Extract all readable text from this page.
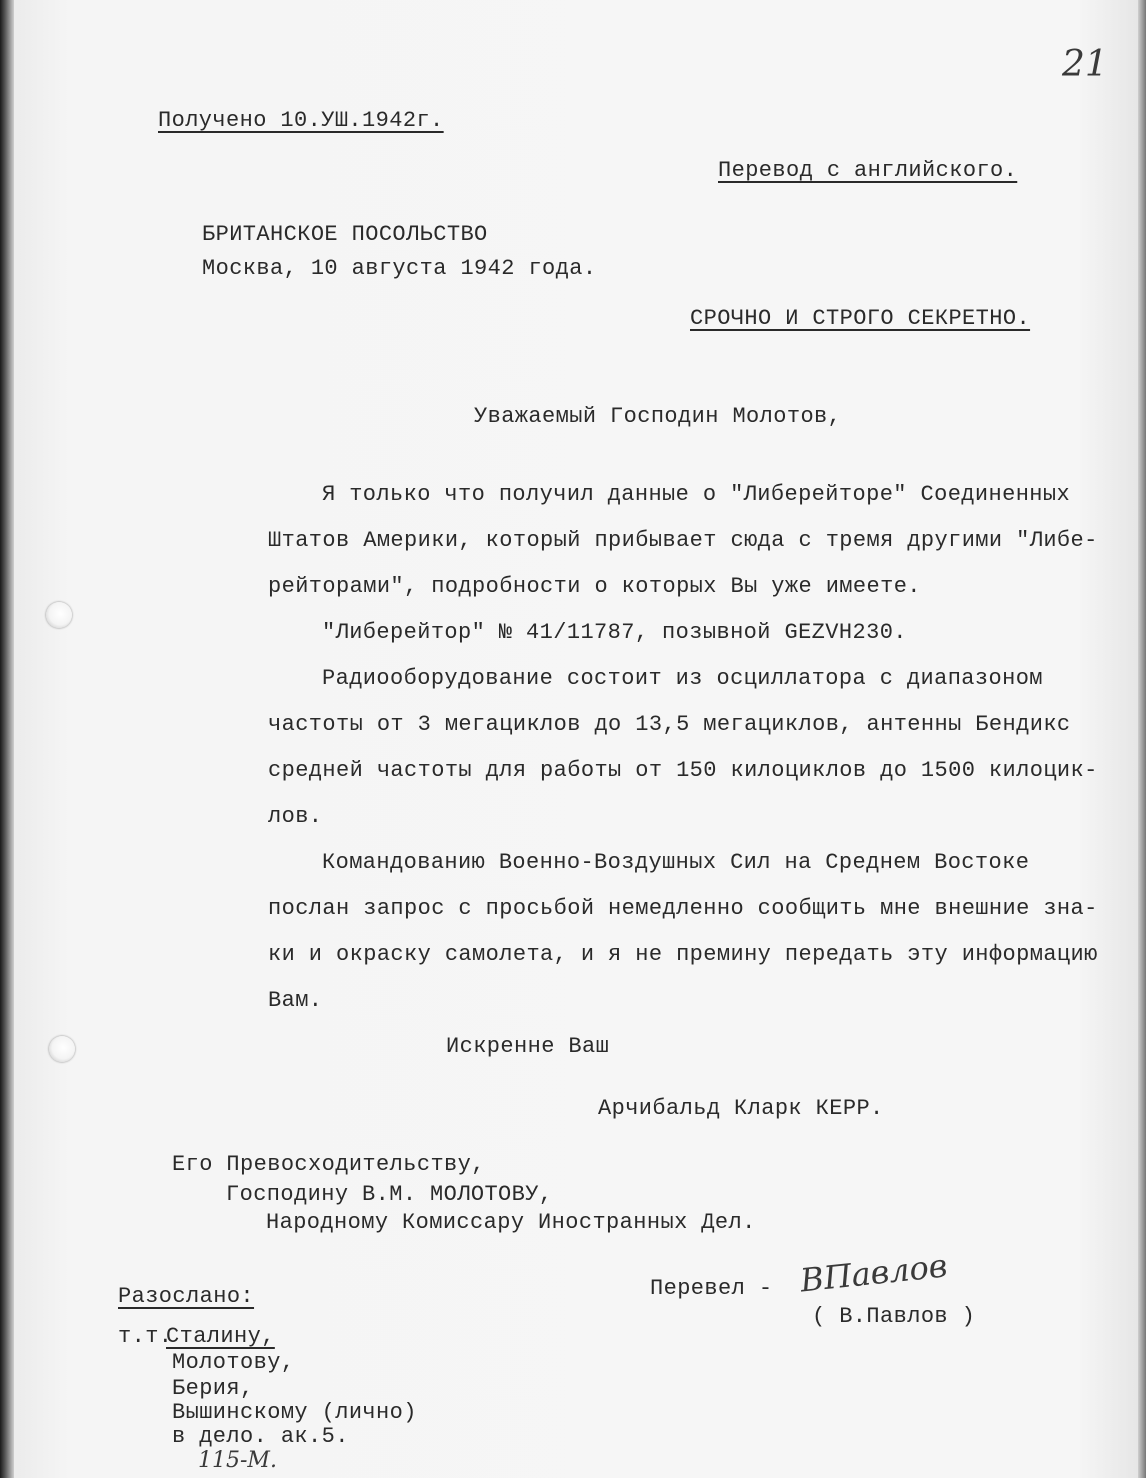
21
Получено 10.УШ.1942г.
Перевод с английского.
БРИТАНСКОЕ ПОСОЛЬСТВО
Москва, 10 августа 1942 года.
СРОЧНО И СТРОГО СЕКРЕТНО.
Уважаемый Господин Молотов,
Я только что получил данные о "Либерейторе" Соединенных
Штатов Америки, который прибывает сюда с тремя другими "Либе-
рейторами", подробности о которых Вы уже имеете.
"Либерейтор" № 41/11787, позывной GEZVH230.
Радиооборудование состоит из осциллатора с диапазоном
частоты от 3 мегациклов до 13,5 мегациклов, антенны Бендикс
средней частоты для работы от 150 килоциклов до 1500 килоцик-
лов.
Командованию Военно-Воздушных Сил на Среднем Востоке
послан запрос с просьбой немедленно сообщить мне внешние зна-
ки и окраску самолета, и я не премину передать эту информацию
Вам.
Искренне Ваш
Арчибальд Кларк КЕРР.
Его Превосходительству,
Господину В.М. МОЛОТОВУ,
Народному Комиссару Иностранных Дел.
Перевел - ВПавлов
( В.Павлов )
Разослано:
т.т.
Сталину,
Молотову,
Берия,
Вышинскому (лично)
в дело. ак.5.
115-М.
